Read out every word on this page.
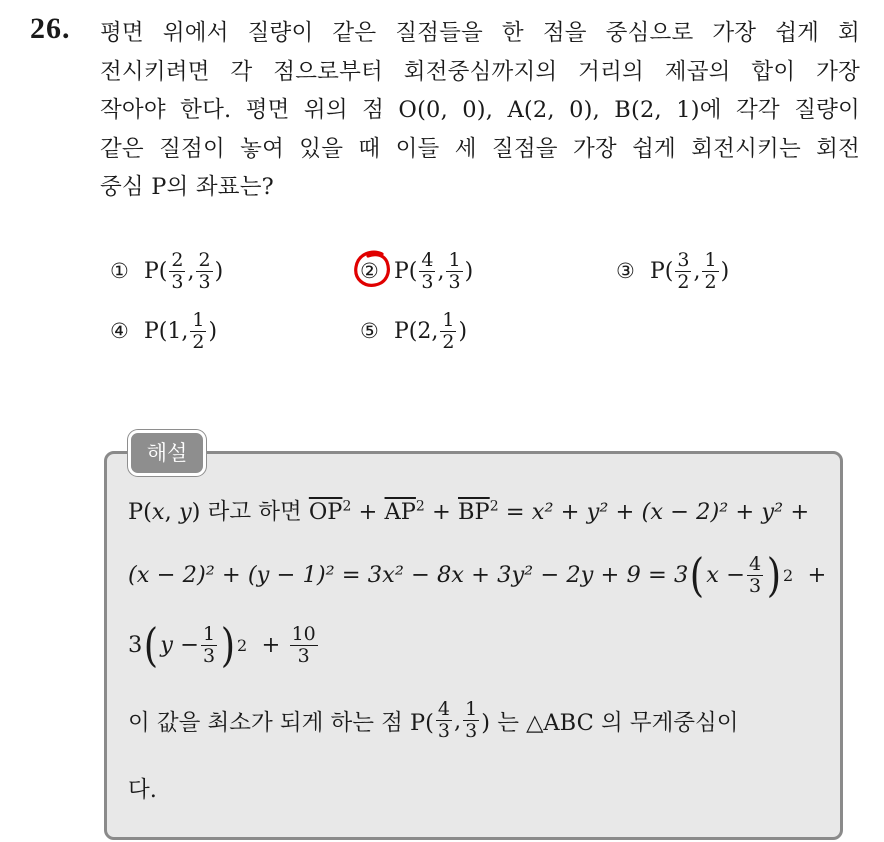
26. 평면 위에서 질량이 같은 질점들을 한 점을 중심으로 가장 쉽게 회
전시키려면 각 점으로부터 회전중심까지의 거리의 제곱의 합이 가장
작아야 한다. 평면 위의 점 O(0, 0), A(2, 0), B(2, 1)에 각각 질량이
같은 질점이 놓여 있을 때 이들 세 질점을 가장 쉽게 회전시키는 회전
중심 P의 좌표는?
① $P( \frac{2}{3}$ , $\frac{2}{3}$ )	② $P( \frac{4}{3}$ , $\frac{1}{3}$ )	③ $P( \frac{3}{2}$ , $\frac{1}{2}$ )
④ P(1, $\frac{1}{2}$ )	⑤ P(2, $\frac{1}{2}$ )
해설
P(x, y) 라고 하면 $\overline{OP}^2 + \overline{AP}^2 + \overline{BP}^2 = x^2 + y^2 + (x - 2)^2 + y^2$ +
(x − 2)² + (y − 1)² = 3x² − 8x + 3y² − 2y + 9 = 3 ( $x - \frac{4}{3}$ ) 2
+
3 ( $y - \frac{1}{3}$ ) 2
+
$\frac{10}{3}$
이 값을 최소가 되게 하는 점 $P( \frac{4}{3}$ , $\frac{1}{3}$ ) 는 △ABC 의 무게중심이
다.
